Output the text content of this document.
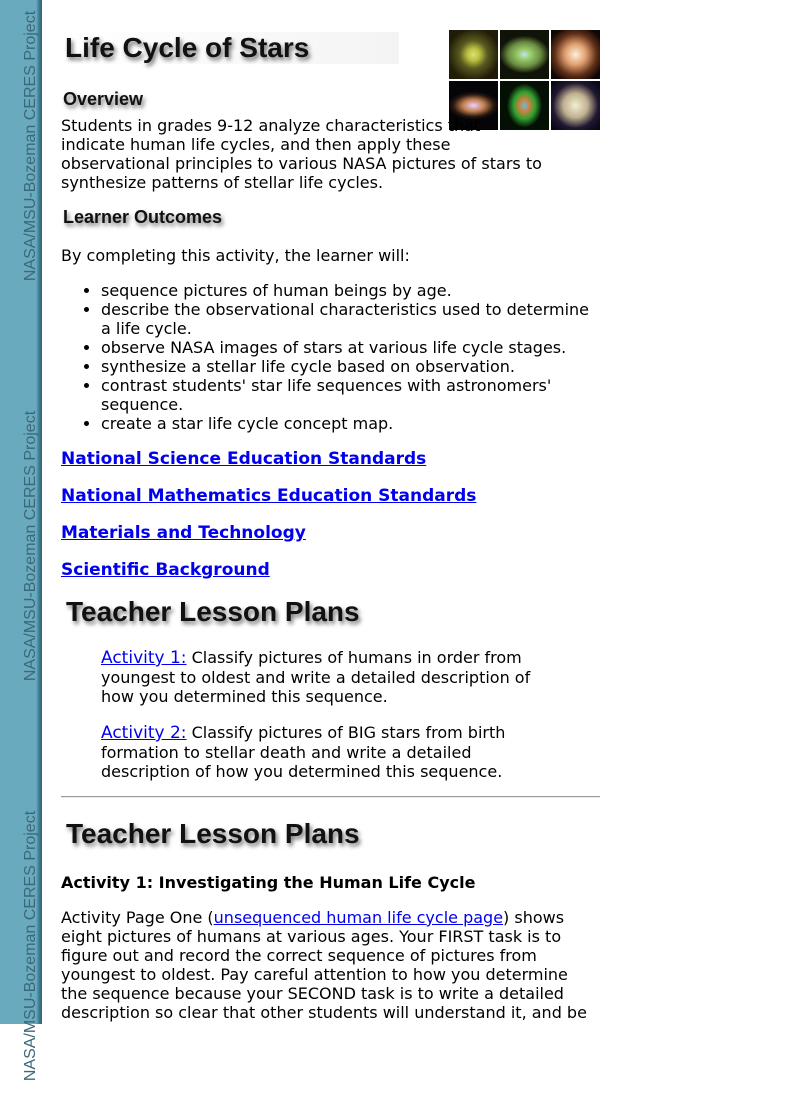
NASA/MSU-Bozeman CERES Project
NASA/MSU-Bozeman CERES Project
NASA/MSU-Bozeman CERES Project
Life Cycle of Stars
Overview

Students in grades 9-12 analyze characteristics that indicate human life cycles, and then apply these observational principles to various NASA pictures of stars to synthesize patterns of stellar life cycles.

Learner Outcomes

By completing this activity, the learner will:

• sequence pictures of human beings by age.
• describe the observational characteristics used to determine a life cycle.
• observe NASA images of stars at various life cycle stages.
• synthesize a stellar life cycle based on observation.
• contrast students' star life sequences with astronomers' sequence.
• create a star life cycle concept map.
National Science Education Standards
National Mathematics Education Standards
Materials and Technology
Scientific Background
Teacher Lesson Plans
Activity 1: Classify pictures of humans in order from youngest to oldest and write a detailed description of how you determined this sequence.
Activity 2: Classify pictures of BIG stars from birth formation to stellar death and write a detailed description of how you determined this sequence.
Teacher Lesson Plans

Activity 1: Investigating the Human Life Cycle

Activity Page One (unsequenced human life cycle page) shows eight pictures of humans at various ages. Your FIRST task is to figure out and record the correct sequence of pictures from youngest to oldest. Pay careful attention to how you determine the sequence because your SECOND task is to write a detailed description so clear that other students will understand it, and be
